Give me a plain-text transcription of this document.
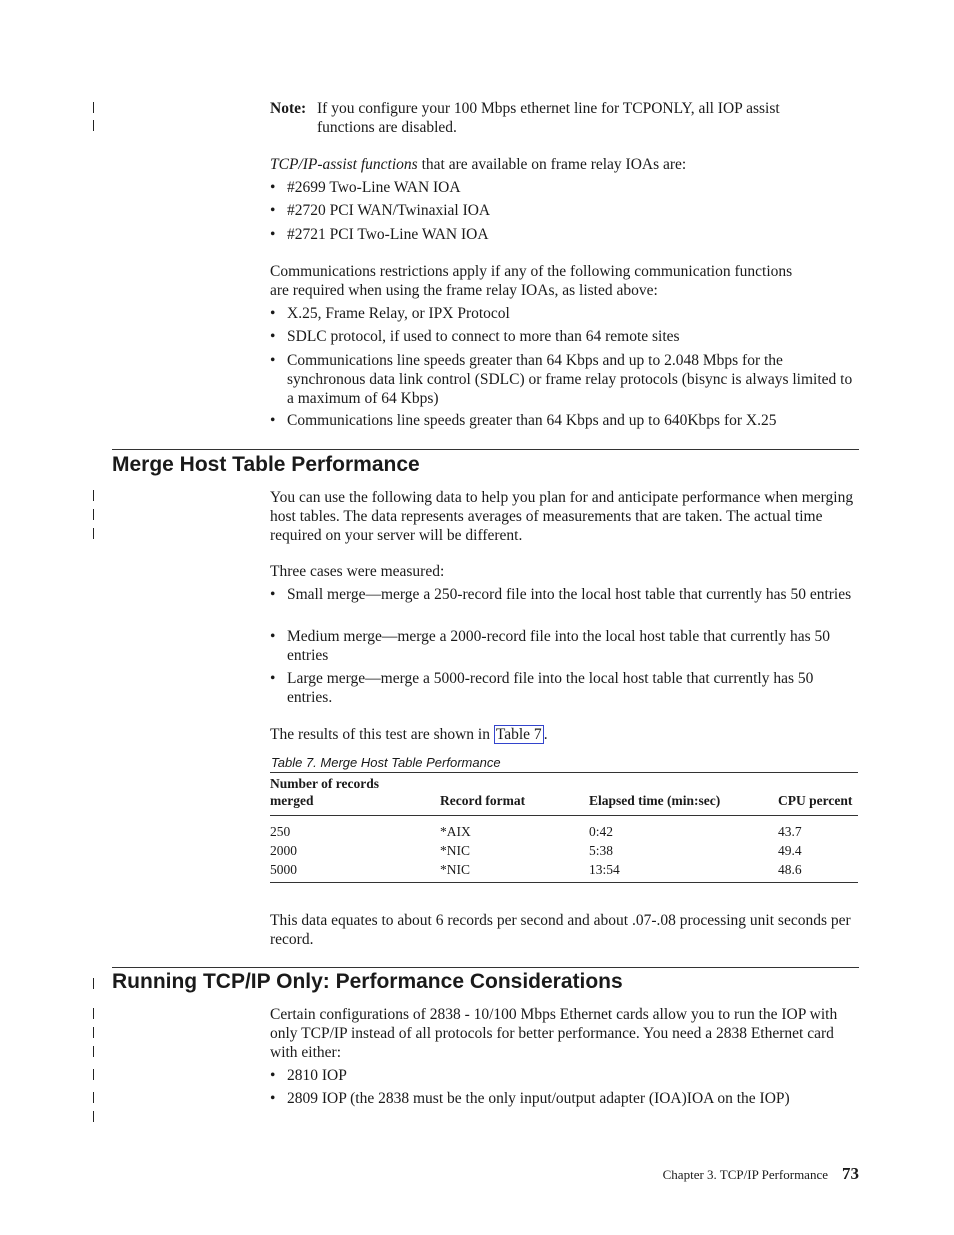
Note: If you configure your 100 Mbps ethernet line for TCPONLY, all IOP assist
functions are disabled.
TCP/IP-assist functions that are available on frame relay IOAs are:
• #2699 Two-Line WAN IOA
• #2720 PCI WAN/Twinaxial IOA
• #2721 PCI Two-Line WAN IOA
Communications restrictions apply if any of the following communication functions are required when using the frame relay IOAs, as listed above:
• X.25, Frame Relay, or IPX Protocol
• SDLC protocol, if used to connect to more than 64 remote sites
• Communications line speeds greater than 64 Kbps and up to 2.048 Mbps for the synchronous data link control (SDLC) or frame relay protocols (bisync is always limited to a maximum of 64 Kbps)
• Communications line speeds greater than 64 Kbps and up to 640Kbps for X.25
Merge Host Table Performance
You can use the following data to help you plan for and anticipate performance when merging host tables. The data represents averages of measurements that are taken. The actual time required on your server will be different.
Three cases were measured:
• Small merge—merge a 250-record file into the local host table that currently has 50 entries
• Medium merge—merge a 2000-record file into the local host table that currently has 50 entries
• Large merge—merge a 5000-record file into the local host table that currently has 50 entries.
The results of this test are shown in Table 7 .
Table 7. Merge Host Table Performance
Number of records merged	Record format	Elapsed time (min:sec)	CPU percent
250	*AIX	0:42	43.7
2000	*NIC	5:38	49.4
5000	*NIC	13:54	48.6
This data equates to about 6 records per second and about .07-.08 processing unit seconds per record.
Running TCP/IP Only: Performance Considerations
Certain configurations of 2838 - 10/100 Mbps Ethernet cards allow you to run the IOP with only TCP/IP instead of all protocols for better performance. You need a 2838 Ethernet card with either:
• 2810 IOP
• 2809 IOP (the 2838 must be the only input/output adapter (IOA)IOA on the IOP)
Chapter 3. TCP/IP Performance 73
